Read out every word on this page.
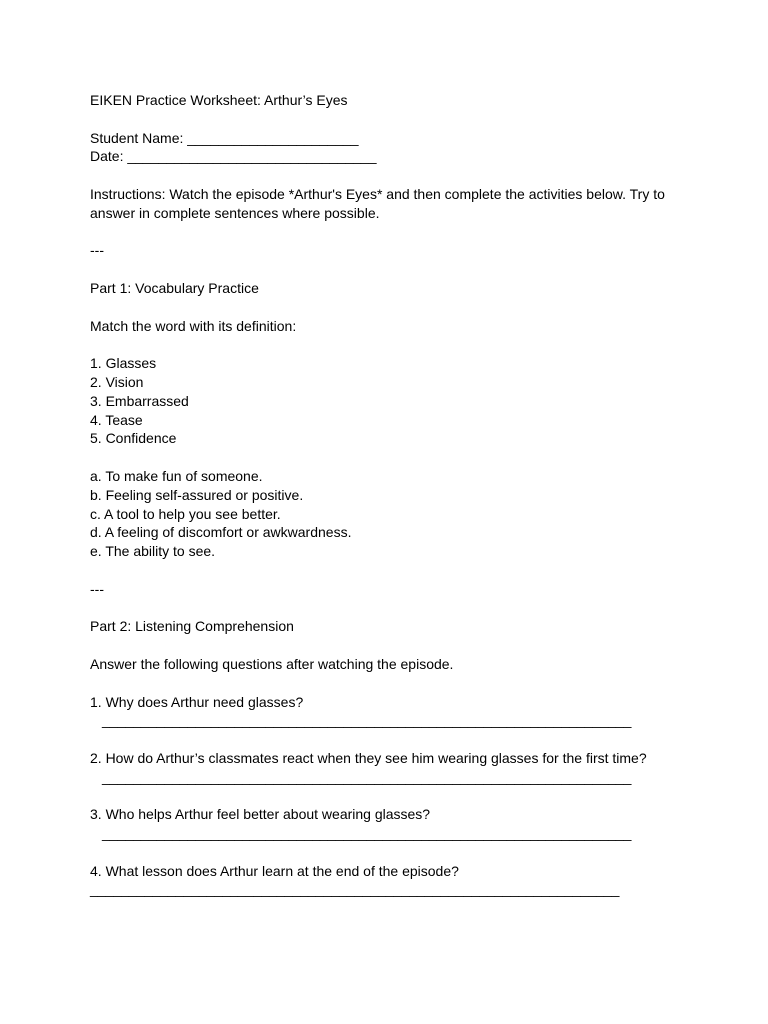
EIKEN Practice Worksheet: Arthur’s Eyes
Student Name: ______________________
Date: ________________________________
Instructions: Watch the episode *Arthur's Eyes* and then complete the activities below. Try to answer in complete sentences where possible.
---
Part 1: Vocabulary Practice
Match the word with its definition:
1. Glasses
2. Vision
3. Embarrassed
4. Tease
5. Confidence
a. To make fun of someone.
b. Feeling self-assured or positive.
c. A tool to help you see better.
d. A feeling of discomfort or awkwardness.
e. The ability to see.
---
Part 2: Listening Comprehension
Answer the following questions after watching the episode.
1. Why does Arthur need glasses?
____________________________________________________________________
2. How do Arthur’s classmates react when they see him wearing glasses for the first time?
____________________________________________________________________
3. Who helps Arthur feel better about wearing glasses?
____________________________________________________________________
4. What lesson does Arthur learn at the end of the episode?
____________________________________________________________________
